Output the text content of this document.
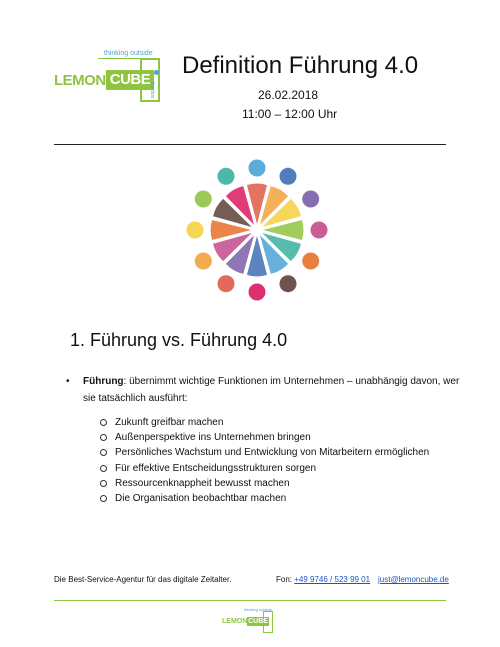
thinking outside
LEMON CUBE
the box
Definition Führung 4.0
26.02.2018
11:00 – 12:00 Uhr
1. Führung vs. Führung 4.0
• Führung: übernimmt wichtige Funktionen im Unternehmen – unabhängig davon, wer sie tatsächlich ausführt:
Zukunft greifbar machen
Außenperspektive ins Unternehmen bringen
Persönliches Wachstum und Entwicklung von Mitarbeitern ermöglichen
Für effektive Entscheidungsstrukturen sorgen
Ressourcenknappheit bewusst machen
Die Organisation beobachtbar machen
Die Best-Service-Agentur für das digitale Zeitalter.	Fon: +49 9746 / 523 99 01 just@lemoncube.de
thinking outside
LEMON CUBE
